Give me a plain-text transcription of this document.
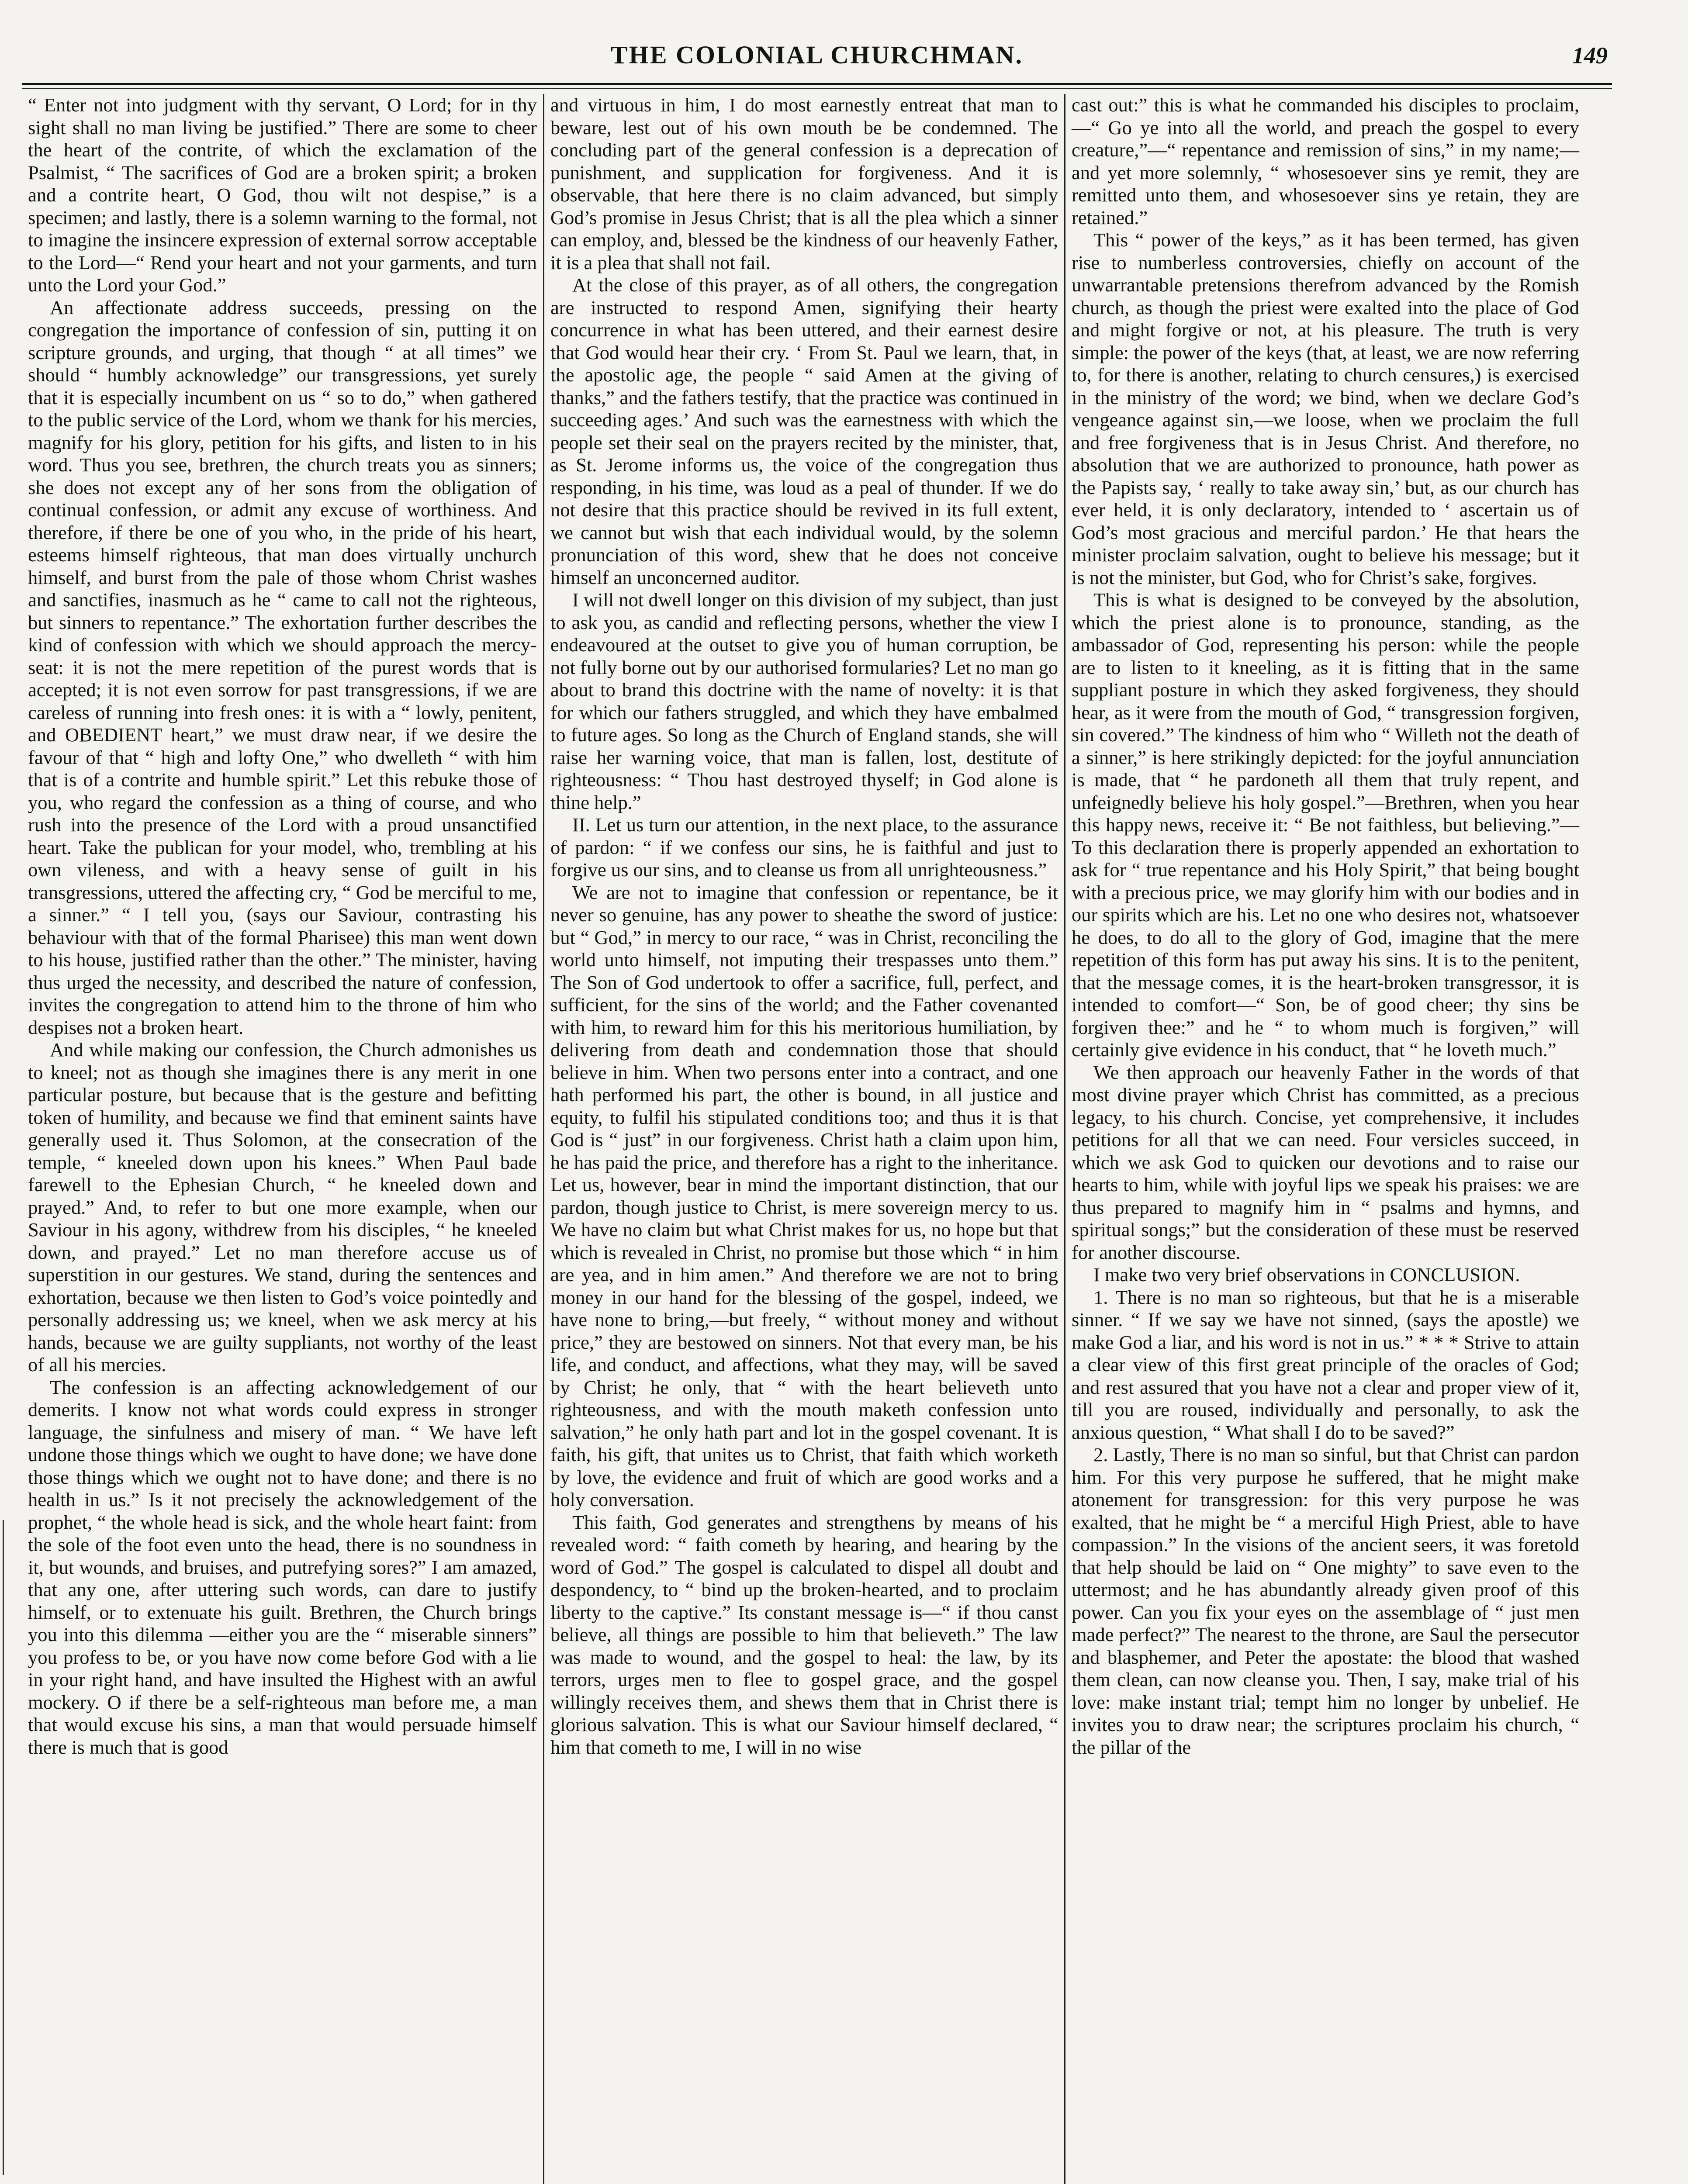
THE COLONIAL CHURCHMAN.	149

“ Enter not into judgment with thy servant, O Lord; for in thy sight shall no man living be justified.” There are some to cheer the heart of the contrite, of which the exclamation of the Psalmist, “ The sacrifices of God are a broken spirit; a broken and a contrite heart, O God, thou wilt not despise,” is a specimen; and lastly, there is a solemn warning to the formal, not to imagine the insincere expression of external sorrow acceptable to the Lord—“ Rend your heart and not your garments, and turn unto the Lord your God.”

An affectionate address succeeds, pressing on the congregation the importance of confession of sin, putting it on scripture grounds, and urging, that though “ at all times” we should “ humbly acknowledge” our transgressions, yet surely that it is especially incumbent on us “ so to do,” when gathered to the public service of the Lord, whom we thank for his mercies, magnify for his glory, petition for his gifts, and listen to in his word. Thus you see, brethren, the church treats you as sinners; she does not except any of her sons from the obligation of continual confession, or admit any excuse of worthiness. And therefore, if there be one of you who, in the pride of his heart, esteems himself righteous, that man does virtually unchurch himself, and burst from the pale of those whom Christ washes and sanctifies, inasmuch as he “ came to call not the righteous, but sinners to repentance.” The exhortation further describes the kind of confession with which we should approach the mercy-seat: it is not the mere repetition of the purest words that is accepted; it is not even sorrow for past transgressions, if we are careless of running into fresh ones: it is with a “ lowly, penitent, and OBEDIENT heart,” we must draw near, if we desire the favour of that “ high and lofty One,” who dwelleth “ with him that is of a contrite and humble spirit.” Let this rebuke those of you, who regard the confession as a thing of course, and who rush into the presence of the Lord with a proud unsanctified heart. Take the publican for your model, who, trembling at his own vileness, and with a heavy sense of guilt in his transgressions, uttered the affecting cry, “ God be merciful to me, a sinner.” “ I tell you, (says our Saviour, contrasting his behaviour with that of the formal Pharisee) this man went down to his house, justified rather than the other.” The minister, having thus urged the necessity, and described the nature of confession, invites the congregation to attend him to the throne of him who despises not a broken heart.

And while making our confession, the Church admonishes us to kneel; not as though she imagines there is any merit in one particular posture, but because that is the gesture and befitting token of humility, and because we find that eminent saints have generally used it. Thus Solomon, at the consecration of the temple, “ kneeled down upon his knees.” When Paul bade farewell to the Ephesian Church, “ he kneeled down and prayed.” And, to refer to but one more example, when our Saviour in his agony, withdrew from his disciples, “ he kneeled down, and prayed.” Let no man therefore accuse us of superstition in our gestures. We stand, during the sentences and exhortation, because we then listen to God’s voice pointedly and personally addressing us; we kneel, when we ask mercy at his hands, because we are guilty suppliants, not worthy of the least of all his mercies.

The confession is an affecting acknowledgement of our demerits. I know not what words could express in stronger language, the sinfulness and misery of man. “ We have left undone those things which we ought to have done; we have done those things which we ought not to have done; and there is no health in us.” Is it not precisely the acknowledgement of the prophet, “ the whole head is sick, and the whole heart faint: from the sole of the foot even unto the head, there is no soundness in it, but wounds, and bruises, and putrefying sores?” I am amazed, that any one, after uttering such words, can dare to justify himself, or to extenuate his guilt. Brethren, the Church brings you into this dilemma —either you are the “ miserable sinners” you profess to be, or you have now come before God with a lie in your right hand, and have insulted the Highest with an awful mockery. O if there be a self-righteous man before me, a man that would excuse his sins, a man that would persuade himself there is much that is good

and virtuous in him, I do most earnestly entreat that man to beware, lest out of his own mouth be be condemned. The concluding part of the general confession is a deprecation of punishment, and supplication for forgiveness. And it is observable, that here there is no claim advanced, but simply God’s promise in Jesus Christ; that is all the plea which a sinner can employ, and, blessed be the kindness of our heavenly Father, it is a plea that shall not fail.

At the close of this prayer, as of all others, the congregation are instructed to respond Amen, signifying their hearty concurrence in what has been uttered, and their earnest desire that God would hear their cry. ‘ From St. Paul we learn, that, in the apostolic age, the people “ said Amen at the giving of thanks,” and the fathers testify, that the practice was continued in succeeding ages.’ And such was the earnestness with which the people set their seal on the prayers recited by the minister, that, as St. Jerome informs us, the voice of the congregation thus responding, in his time, was loud as a peal of thunder. If we do not desire that this practice should be revived in its full extent, we cannot but wish that each individual would, by the solemn pronunciation of this word, shew that he does not conceive himself an unconcerned auditor.

I will not dwell longer on this division of my subject, than just to ask you, as candid and reflecting persons, whether the view I endeavoured at the outset to give you of human corruption, be not fully borne out by our authorised formularies? Let no man go about to brand this doctrine with the name of novelty: it is that for which our fathers struggled, and which they have embalmed to future ages. So long as the Church of England stands, she will raise her warning voice, that man is fallen, lost, destitute of righteousness: “ Thou hast destroyed thyself; in God alone is thine help.”

II. Let us turn our attention, in the next place, to the assurance of pardon: “ if we confess our sins, he is faithful and just to forgive us our sins, and to cleanse us from all unrighteousness.”

We are not to imagine that confession or repentance, be it never so genuine, has any power to sheathe the sword of justice: but “ God,” in mercy to our race, “ was in Christ, reconciling the world unto himself, not imputing their trespasses unto them.” The Son of God undertook to offer a sacrifice, full, perfect, and sufficient, for the sins of the world; and the Father covenanted with him, to reward him for this his meritorious humiliation, by delivering from death and condemnation those that should believe in him. When two persons enter into a contract, and one hath performed his part, the other is bound, in all justice and equity, to fulfil his stipulated conditions too; and thus it is that God is “ just” in our forgiveness. Christ hath a claim upon him, he has paid the price, and therefore has a right to the inheritance. Let us, however, bear in mind the important distinction, that our pardon, though justice to Christ, is mere sovereign mercy to us. We have no claim but what Christ makes for us, no hope but that which is revealed in Christ, no promise but those which “ in him are yea, and in him amen.” And therefore we are not to bring money in our hand for the blessing of the gospel, indeed, we have none to bring,—but freely, “ without money and without price,” they are bestowed on sinners. Not that every man, be his life, and conduct, and affections, what they may, will be saved by Christ; he only, that “ with the heart believeth unto righteousness, and with the mouth maketh confession unto salvation,” he only hath part and lot in the gospel covenant. It is faith, his gift, that unites us to Christ, that faith which worketh by love, the evidence and fruit of which are good works and a holy conversation.

This faith, God generates and strengthens by means of his revealed word: “ faith cometh by hearing, and hearing by the word of God.” The gospel is calculated to dispel all doubt and despondency, to “ bind up the broken-hearted, and to proclaim liberty to the captive.” Its constant message is—“ if thou canst believe, all things are possible to him that believeth.” The law was made to wound, and the gospel to heal: the law, by its terrors, urges men to flee to gospel grace, and the gospel willingly receives them, and shews them that in Christ there is glorious salvation. This is what our Saviour himself declared, “ him that cometh to me, I will in no wise

cast out:” this is what he commanded his disciples to proclaim,—“ Go ye into all the world, and preach the gospel to every creature,”—“ repentance and remission of sins,” in my name;—and yet more solemnly, “ whosesoever sins ye remit, they are remitted unto them, and whosesoever sins ye retain, they are retained.”

This “ power of the keys,” as it has been termed, has given rise to numberless controversies, chiefly on account of the unwarrantable pretensions therefrom advanced by the Romish church, as though the priest were exalted into the place of God and might forgive or not, at his pleasure. The truth is very simple: the power of the keys (that, at least, we are now referring to, for there is another, relating to church censures,) is exercised in the ministry of the word; we bind, when we declare God’s vengeance against sin,—we loose, when we proclaim the full and free forgiveness that is in Jesus Christ. And therefore, no absolution that we are authorized to pronounce, hath power as the Papists say, ‘ really to take away sin,’ but, as our church has ever held, it is only declaratory, intended to ‘ ascertain us of God’s most gracious and merciful pardon.’ He that hears the minister proclaim salvation, ought to believe his message; but it is not the minister, but God, who for Christ’s sake, forgives.

This is what is designed to be conveyed by the absolution, which the priest alone is to pronounce, standing, as the ambassador of God, representing his person: while the people are to listen to it kneeling, as it is fitting that in the same suppliant posture in which they asked forgiveness, they should hear, as it were from the mouth of God, “ transgression forgiven, sin covered.” The kindness of him who “ Willeth not the death of a sinner,” is here strikingly depicted: for the joyful annunciation is made, that “ he pardoneth all them that truly repent, and unfeignedly believe his holy gospel.”—Brethren, when you hear this happy news, receive it: “ Be not faithless, but believing.”—To this declaration there is properly appended an exhortation to ask for “ true repentance and his Holy Spirit,” that being bought with a precious price, we may glorify him with our bodies and in our spirits which are his. Let no one who desires not, whatsoever he does, to do all to the glory of God, imagine that the mere repetition of this form has put away his sins. It is to the penitent, that the message comes, it is the heart-broken transgressor, it is intended to comfort—“ Son, be of good cheer; thy sins be forgiven thee:” and he “ to whom much is forgiven,” will certainly give evidence in his conduct, that “ he loveth much.”

We then approach our heavenly Father in the words of that most divine prayer which Christ has committed, as a precious legacy, to his church. Concise, yet comprehensive, it includes petitions for all that we can need. Four versicles succeed, in which we ask God to quicken our devotions and to raise our hearts to him, while with joyful lips we speak his praises: we are thus prepared to magnify him in “ psalms and hymns, and spiritual songs;” but the consideration of these must be reserved for another discourse.

I make two very brief observations in CONCLUSION.

1. There is no man so righteous, but that he is a miserable sinner. “ If we say we have not sinned, (says the apostle) we make God a liar, and his word is not in us.” * * * Strive to attain a clear view of this first great principle of the oracles of God; and rest assured that you have not a clear and proper view of it, till you are roused, individually and personally, to ask the anxious question, “ What shall I do to be saved?”

2. Lastly, There is no man so sinful, but that Christ can pardon him. For this very purpose he suffered, that he might make atonement for transgression: for this very purpose he was exalted, that he might be “ a merciful High Priest, able to have compassion.” In the visions of the ancient seers, it was foretold that help should be laid on “ One mighty” to save even to the uttermost; and he has abundantly already given proof of this power. Can you fix your eyes on the assemblage of “ just men made perfect?” The nearest to the throne, are Saul the persecutor and blasphemer, and Peter the apostate: the blood that washed them clean, can now cleanse you. Then, I say, make trial of his love: make instant trial; tempt him no longer by unbelief. He invites you to draw near; the scriptures proclaim his church, “ the pillar of the
